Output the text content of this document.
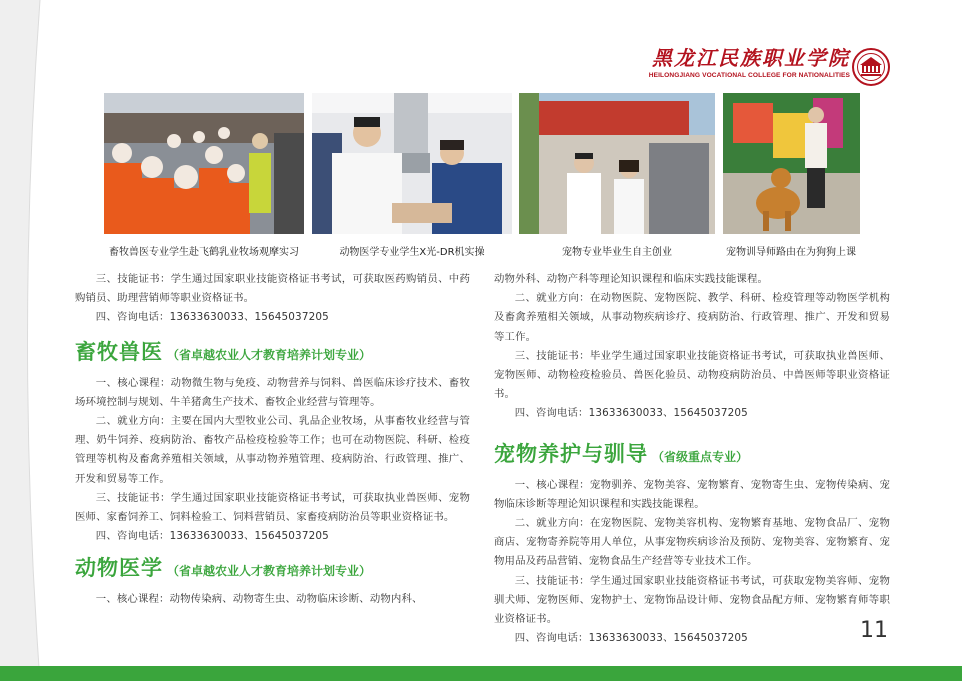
黑龙江民族职业学院
HEILONGJIANG VOCATIONAL COLLEGE FOR NATIONALITIES
畜牧兽医专业学生赴飞鹤乳业牧场观摩实习	动物医学专业学生X光-DR机实操	宠物专业毕业生自主创业	宠物训导师路由在为狗狗上课

三、技能证书：学生通过国家职业技能资格证书考试，可获取医药购销员、中药购销员、助理营销师等职业资格证书。

四、咨询电话：13633630033、15645037205

畜牧兽医 （省卓越农业人才教育培养计划专业）

一、核心课程：动物微生物与免疫、动物营养与饲料、兽医临床诊疗技术、畜牧场环境控制与规划、牛羊猪禽生产技术、畜牧企业经营与管理等。

二、就业方向：主要在国内大型牧业公司、乳品企业牧场，从事畜牧业经营与管理、奶牛饲养、疫病防治、畜牧产品检疫检验等工作；也可在动物医院、科研、检疫管理等机构及畜禽养殖相关领域，从事动物养殖管理、疫病防治、行政管理、推广、开发和贸易等工作。

三、技能证书：学生通过国家职业技能资格证书考试，可获取执业兽医师、宠物医师、家畜饲养工、饲料检验工、饲料营销员、家畜疫病防治员等职业资格证书。

四、咨询电话：13633630033、15645037205

动物医学 （省卓越农业人才教育培养计划专业）

一、核心课程：动物传染病、动物寄生虫、动物临床诊断、动物内科、

动物外科、动物产科等理论知识课程和临床实践技能课程。

二、就业方向：在动物医院、宠物医院、教学、科研、检疫管理等动物医学机构及畜禽养殖相关领域，从事动物疾病诊疗、疫病防治、行政管理、推广、开发和贸易等工作。

三、技能证书：毕业学生通过国家职业技能资格证书考试，可获取执业兽医师、宠物医师、动物检疫检验员、兽医化验员、动物疫病防治员、中兽医师等职业资格证书。

四、咨询电话：13633630033、15645037205

宠物养护与驯导 （省级重点专业）

一、核心课程：宠物驯养、宠物美容、宠物繁育、宠物寄生虫、宠物传染病、宠物临床诊断等理论知识课程和实践技能课程。

二、就业方向：在宠物医院、宠物美容机构、宠物繁育基地、宠物食品厂、宠物商店、宠物寄养院等用人单位，从事宠物疾病诊治及预防、宠物美容、宠物繁育、宠物用品及药品营销、宠物食品生产经营等专业技术工作。

三、技能证书：学生通过国家职业技能资格证书考试，可获取宠物美容师、宠物驯犬师、宠物医师、宠物护士、宠物饰品设计师、宠物食品配方师、宠物繁育师等职业资格证书。

四、咨询电话：13633630033、15645037205	11
